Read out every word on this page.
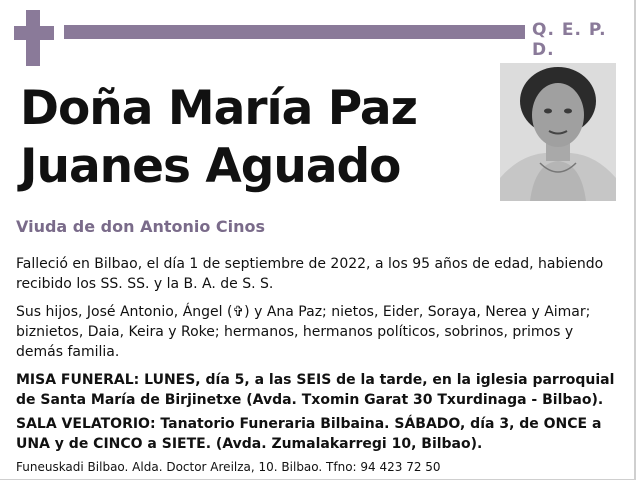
Q. E. P. D.
Doña María Paz
Juanes Aguado
Viuda de don Antonio Cinos
Falleció en Bilbao, el día 1 de septiembre de 2022, a los 95 años de edad, habiendo recibido los SS. SS. y la B. A. de S. S.
Sus hijos, José Antonio, Ángel (✞) y Ana Paz; nietos, Eider, Soraya, Nerea y Aimar; biznietos, Daia, Keira y Roke; hermanos, hermanos políticos, sobrinos, primos y demás familia.
MISA FUNERAL: LUNES, día 5, a las SEIS de la tarde, en la iglesia parroquial de Santa María de Birjinetxe (Avda. Txomin Garat 30 Txurdinaga - Bilbao).
SALA VELATORIO: Tanatorio Funeraria Bilbaina. SÁBADO, día 3, de ONCE a UNA y de CINCO a SIETE. (Avda. Zumalakarregi 10, Bilbao).
Funeuskadi Bilbao. Alda. Doctor Areilza, 10. Bilbao. Tfno: 94 423 72 50
